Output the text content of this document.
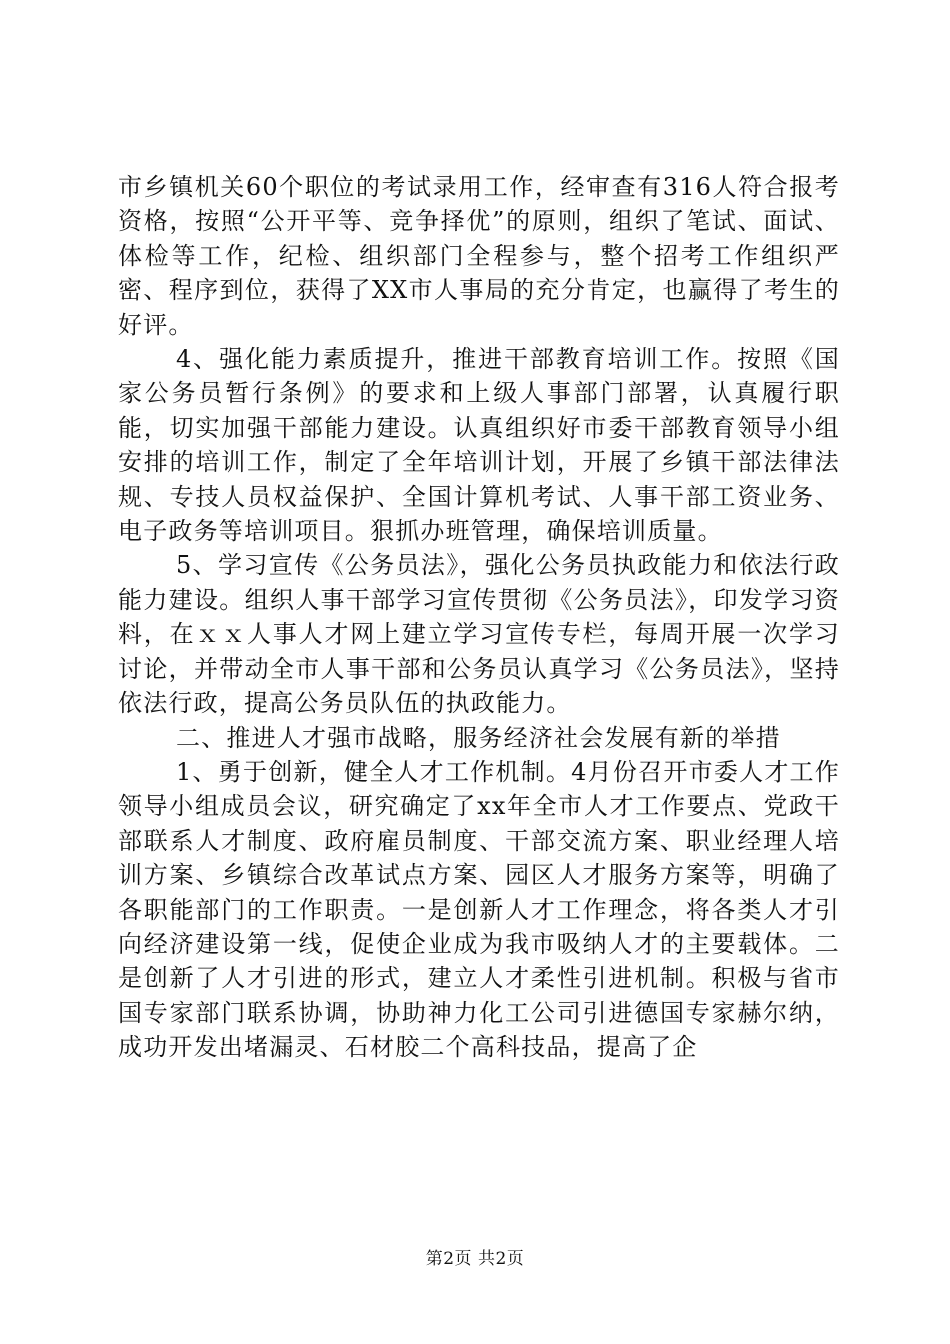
市乡镇机关60个职位的考试录用工作，经审查有316人符合报考资格，按照“公开平等、竞争择优”的原则，组织了笔试、面试、体检等工作，纪检、组织部门全程参与，整个招考工作组织严密、程序到位，获得了XX市人事局的充分肯定，也赢得了考生的好评。

4、强化能力素质提升，推进干部教育培训工作。按照《国家公务员暂行条例》的要求和上级人事部门部署，认真履行职能，切实加强干部能力建设。认真组织好市委干部教育领导小组安排的培训工作，制定了全年培训计划，开展了乡镇干部法律法规、专技人员权益保护、全国计算机考试、人事干部工资业务、电子政务等培训项目。狠抓办班管理，确保培训质量。

5、学习宣传《公务员法》，强化公务员执政能力和依法行政能力建设。组织人事干部学习宣传贯彻《公务员法》，印发学习资料，在ｘｘ人事人才网上建立学习宣传专栏，每周开展一次学习讨论，并带动全市人事干部和公务员认真学习《公务员法》，坚持依法行政，提高公务员队伍的执政能力。

二、推进人才强市战略，服务经济社会发展有新的举措

1、勇于创新，健全人才工作机制。4月份召开市委人才工作领导小组成员会议，研究确定了xx年全市人才工作要点、党政干部联系人才制度、政府雇员制度、干部交流方案、职业经理人培训方案、乡镇综合改革试点方案、园区人才服务方案等，明确了各职能部门的工作职责。一是创新人才工作理念，将各类人才引向经济建设第一线，促使企业成为我市吸纳人才的主要载体。二是创新了人才引进的形式，建立人才柔性引进机制。积极与省市国专家部门联系协调，协助神力化工公司引进德国专家赫尔纳，成功开发出堵漏灵、石材胶二个高科技品，提高了企

第2页 共2页
